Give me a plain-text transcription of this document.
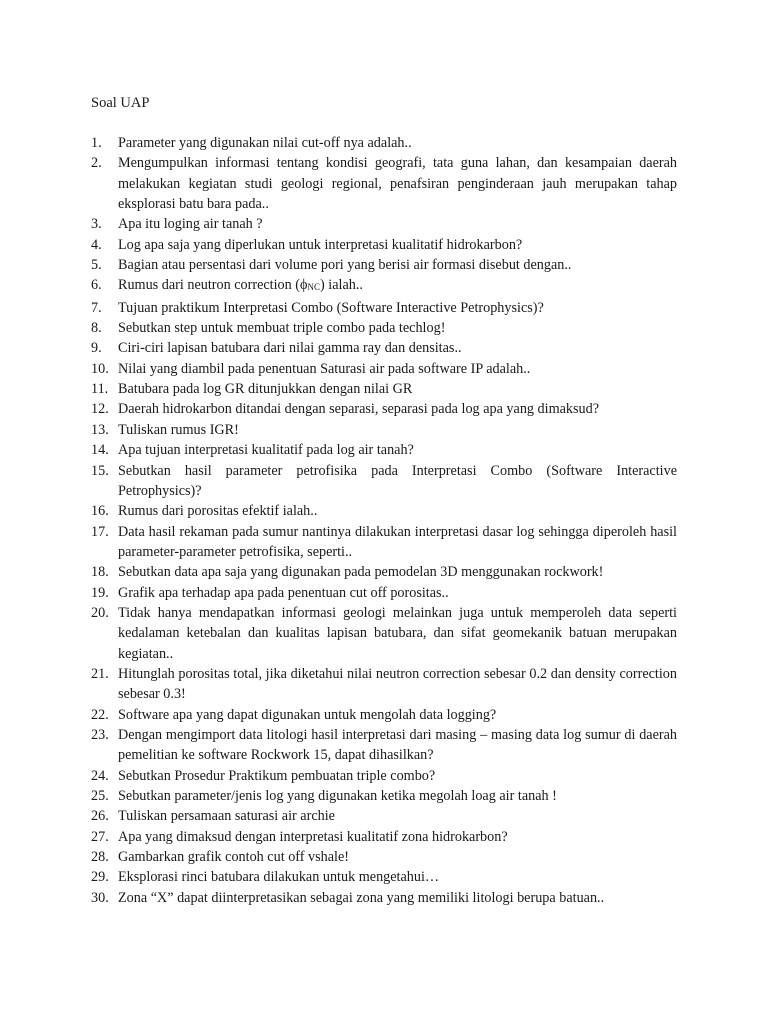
Soal UAP
1.	Parameter yang digunakan nilai cut-off nya adalah..
2.	Mengumpulkan informasi tentang kondisi geografi, tata guna lahan, dan kesampaian daerah melakukan kegiatan studi geologi regional, penafsiran penginderaan jauh merupakan tahap eksplorasi batu bara pada..
3.	Apa itu loging air tanah ?
4.	Log apa saja yang diperlukan untuk interpretasi kualitatif hidrokarbon?
5.	Bagian atau persentasi dari volume pori yang berisi air formasi disebut dengan..
6.	Rumus dari neutron correction (ϕNC) ialah..
7.	Tujuan praktikum Interpretasi Combo (Software Interactive Petrophysics)?
8.	Sebutkan step untuk membuat triple combo pada techlog!
9.	Ciri-ciri lapisan batubara dari nilai gamma ray dan densitas..
10. Nilai yang diambil pada penentuan Saturasi air pada software IP adalah..
11. Batubara pada log GR ditunjukkan dengan nilai GR
12. Daerah hidrokarbon ditandai dengan separasi, separasi pada log apa yang dimaksud?
13. Tuliskan rumus IGR!
14. Apa tujuan interpretasi kualitatif pada log air tanah?
15. Sebutkan hasil parameter petrofisika pada Interpretasi Combo (Software Interactive Petrophysics)?
16. Rumus dari porositas efektif ialah..
17. Data hasil rekaman pada sumur nantinya dilakukan interpretasi dasar log sehingga diperoleh hasil parameter-parameter petrofisika, seperti..
18. Sebutkan data apa saja yang digunakan pada pemodelan 3D menggunakan rockwork!
19. Grafik apa terhadap apa pada penentuan cut off porositas..
20. Tidak hanya mendapatkan informasi geologi melainkan juga untuk memperoleh data seperti kedalaman ketebalan dan kualitas lapisan batubara, dan sifat geomekanik batuan merupakan kegiatan..
21. Hitunglah porositas total, jika diketahui nilai neutron correction sebesar 0.2 dan density correction sebesar 0.3!
22. Software apa yang dapat digunakan untuk mengolah data logging?
23. Dengan mengimport data litologi hasil interpretasi dari masing – masing data log sumur di daerah pemelitian ke software Rockwork 15, dapat dihasilkan?
24. Sebutkan Prosedur Praktikum pembuatan triple combo?
25. Sebutkan parameter/jenis log yang digunakan ketika megolah loag air tanah !
26. Tuliskan persamaan saturasi air archie
27. Apa yang dimaksud dengan interpretasi kualitatif zona hidrokarbon?
28. Gambarkan grafik contoh cut off vshale!
29. Eksplorasi rinci batubara dilakukan untuk mengetahui…
30. Zona “X” dapat diinterpretasikan sebagai zona yang memiliki litologi berupa batuan..
